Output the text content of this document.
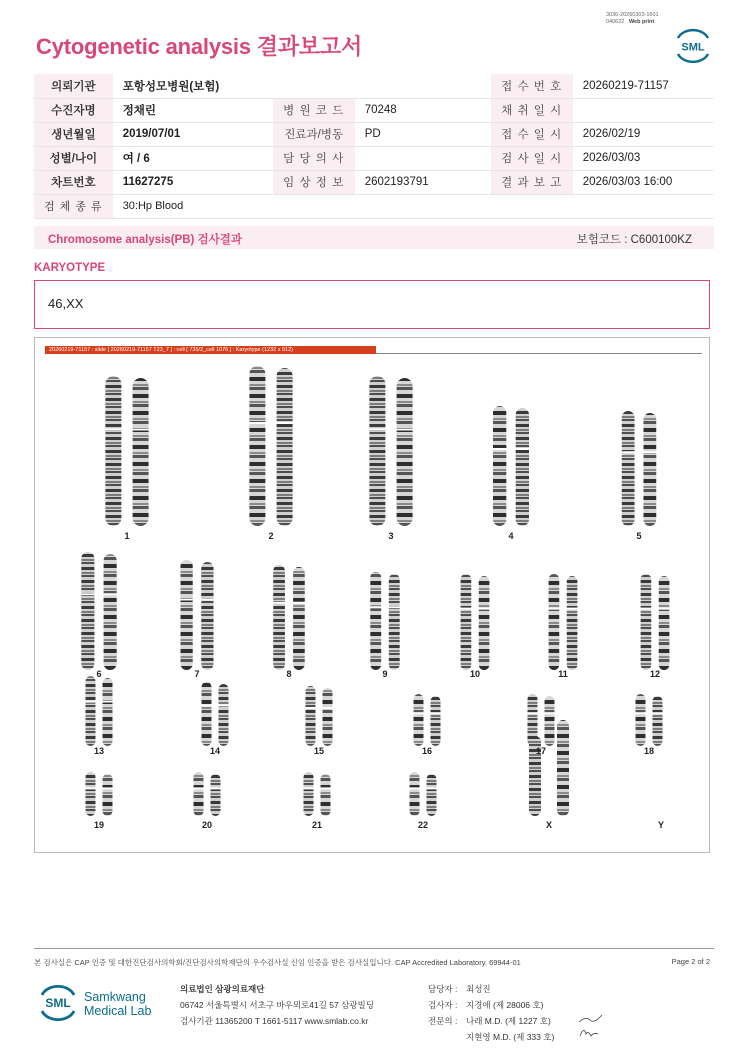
3036-20260303-1601
040622 Web print
Cytogenetic analysis 결과보고서	SML
의뢰기관	포항성모병원(보험)			접 수 번 호	20260219-71157
수진자명	정채린	병 원 코 드	70248	채 취 일 시	
생년월일	2019/07/01	진료과/병동	PD	접 수 일 시	2026/02/19
성별/나이	여 / 6	담 당 의 사		검 사 일 시	2026/03/03
차트번호	11627275	임 상 정 보	2602193791	결 과 보 고	2026/03/03 16:00
검 체 종 류	30:Hp Blood				
Chromosome analysis(PB) 검사결과	보험코드 : C600100KZ
KARYOTYPE
46,XX
20260219-71157 : slide [ 20260219-71157 T23_7 ] : cell [ 735/2_cell 1076 ] : Karyotype (1232 x 912)
1	2	3	4	5
6	7	8	9	10	11	12
13	14	15	16	17	18
19	20	21	22	X	Y
본 검사실은 CAP 인증 및 대한진단검사의학회/진단검사의학재단의 우수검사실 신임 인증을 받은 검사실입니다. CAP Accredited Laboratory. 69944-01	Page 2 of 2
SML Samkwang
Medical Lab
의료법인 삼광의료재단
06742 서울특별시 서초구 바우뫼로41길 57 삼광빌딩
검사기관 11365200 T 1661-5117 www.smlab.co.kr
담당자 : 최성진
검사자 : 지경애 (제 28006 호)
전문의 : 나래 M.D. (제 1227 호)
지현영 M.D. (제 333 호)
